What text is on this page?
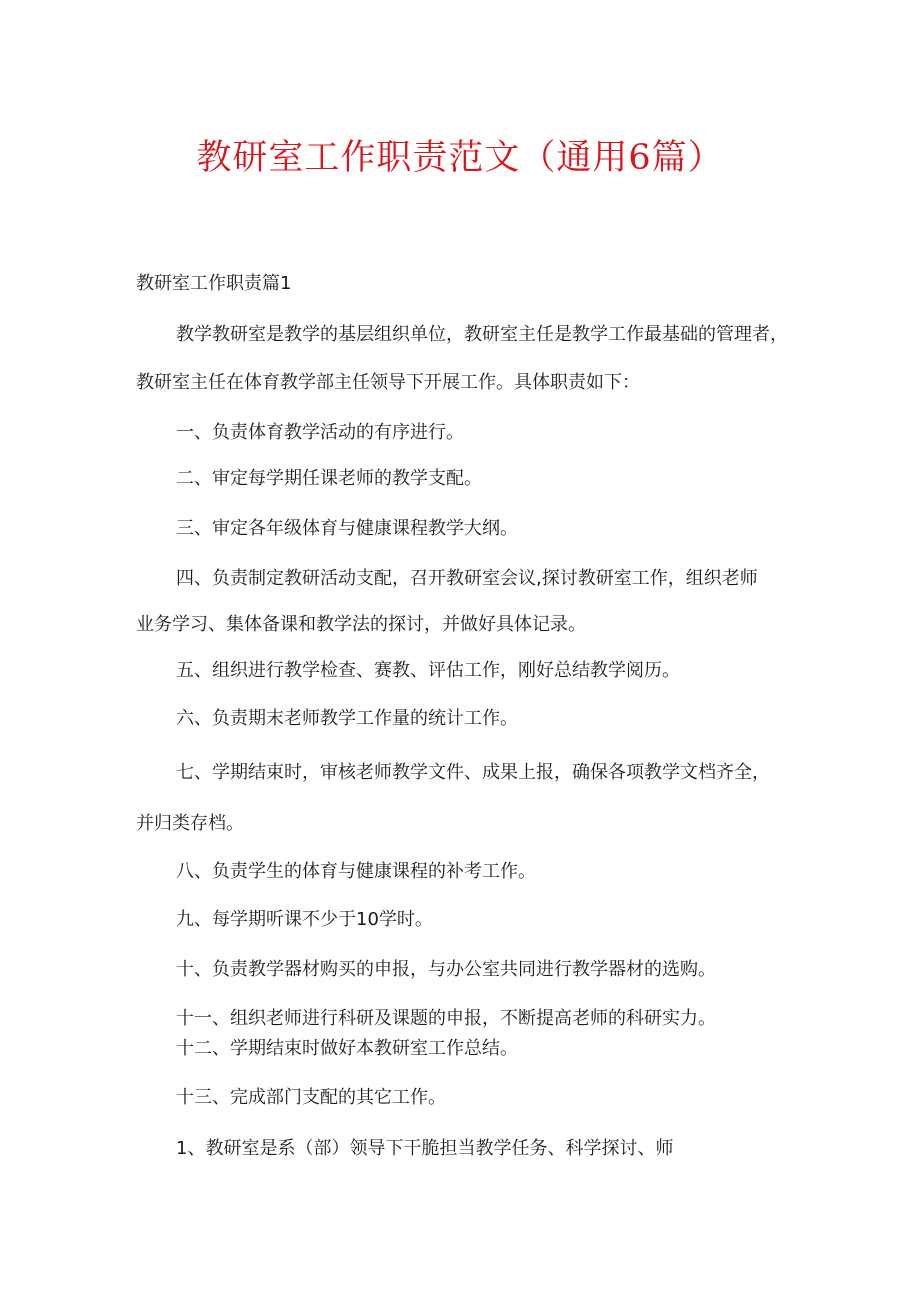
教研室工作职责范文（通用6篇）
教研室工作职责篇1
教学教研室是教学的基层组织单位，教研室主任是教学工作最基础的管理者，
教研室主任在体育教学部主任领导下开展工作。具体职责如下：
一、负责体育教学活动的有序进行。
二、审定每学期任课老师的教学支配。
三、审定各年级体育与健康课程教学大纲。
四、负责制定教研活动支配，召开教研室会议,探讨教研室工作，组织老师
业务学习、集体备课和教学法的探讨，并做好具体记录。
五、组织进行教学检查、赛教、评估工作，刚好总结教学阅历。
六、负责期末老师教学工作量的统计工作。
七、学期结束时，审核老师教学文件、成果上报，确保各项教学文档齐全，
并归类存档。
八、负责学生的体育与健康课程的补考工作。
九、每学期听课不少于10学时。
十、负责教学器材购买的申报，与办公室共同进行教学器材的选购。
十一、组织老师进行科研及课题的申报，不断提高老师的科研实力。
十二、学期结束时做好本教研室工作总结。
十三、完成部门支配的其它工作。
1、教研室是系（部）领导下干脆担当教学任务、科学探讨、师
